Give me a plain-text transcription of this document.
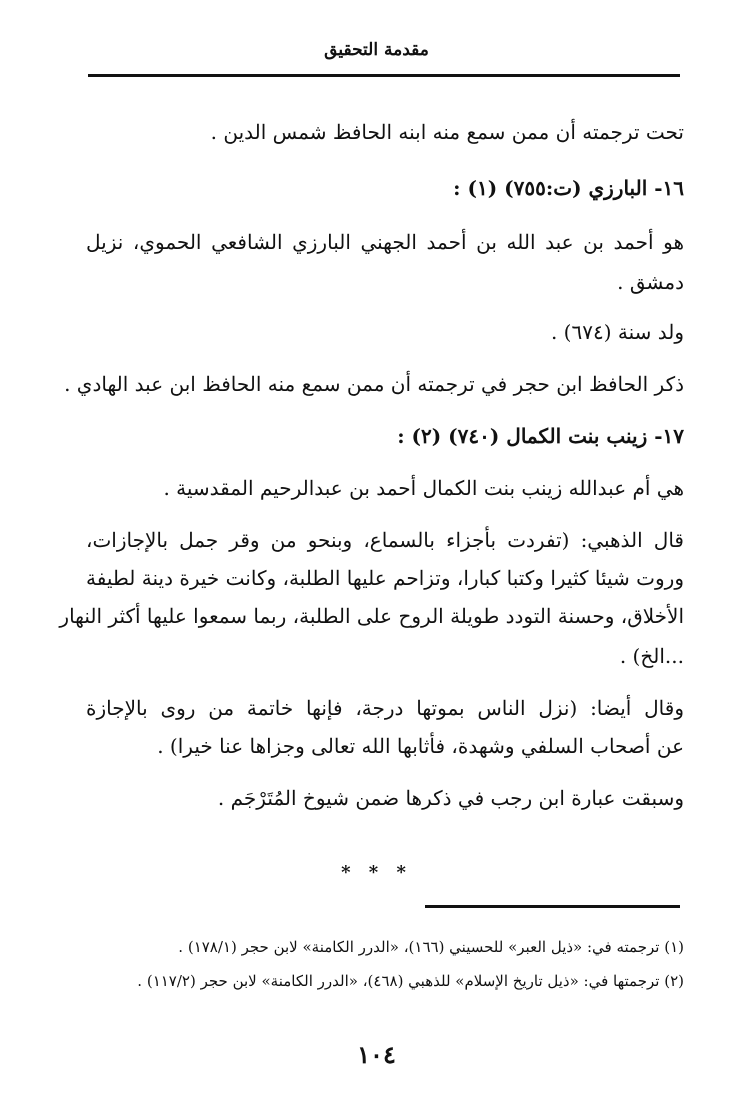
مقدمة التحقيق
تحت ترجمته أن ممن سمع منه ابنه الحافظ شمس الدين .
١٦- البارزي (ت:٧٥٥) (١) :
هو أحمد بن عبد الله بن أحمد الجهني البارزي الشافعي الحموي، نزيل
دمشق .
ولد سنة (٦٧٤) .
ذكر الحافظ ابن حجر في ترجمته أن ممن سمع منه الحافظ ابن عبد الهادي .
١٧- زينب بنت الكمال (٧٤٠) (٢) :
هي أم عبدالله زينب بنت الكمال أحمد بن عبدالرحيم المقدسية .
قال الذهبي: (تفردت بأجزاء بالسماع، وبنحو من وقر جمل بالإجازات،
وروت شيئا كثيرا وكتبا كبارا، وتزاحم عليها الطلبة، وكانت خيرة دينة لطيفة
الأخلاق، وحسنة التودد طويلة الروح على الطلبة، ربما سمعوا عليها أكثر النهار
...الخ) .
وقال أيضا: (نزل الناس بموتها درجة، فإنها خاتمة من روى بالإجازة
عن أصحاب السلفي وشهدة، فأثابها الله تعالى وجزاها عنا خيرا) .
وسبقت عبارة ابن رجب في ذكرها ضمن شيوخ المُتَرْجَم .
* * *
(١) ترجمته في: «ذيل العبر» للحسيني (١٦٦)، «الدرر الكامنة» لابن حجر (١٧٨/١) .
(٢) ترجمتها في: «ذيل تاريخ الإسلام» للذهبي (٤٦٨)، «الدرر الكامنة» لابن حجر (١١٧/٢) .
١٠٤
